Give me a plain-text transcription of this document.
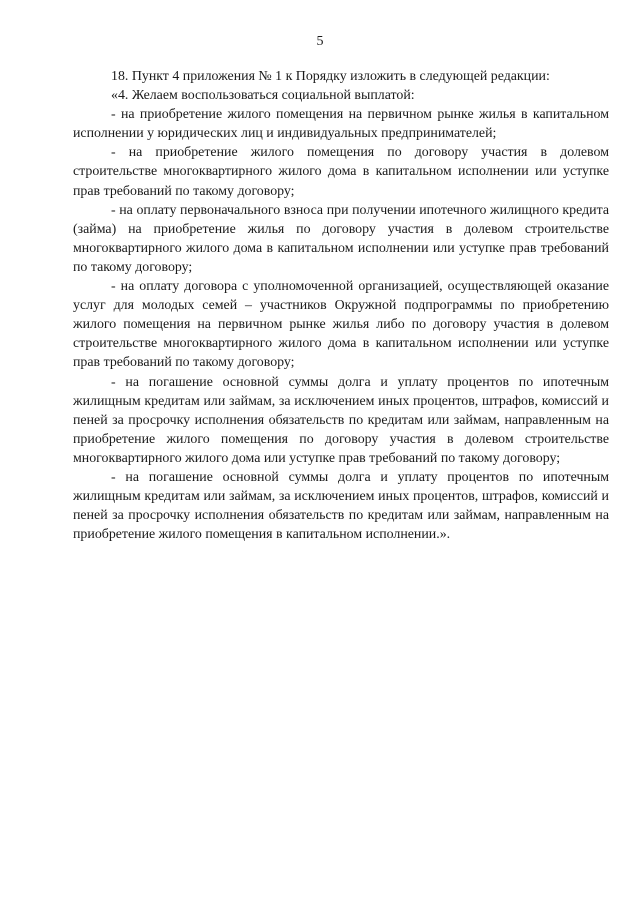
5

18. Пункт 4 приложения № 1 к Порядку изложить в следующей редакции:

«4. Желаем воспользоваться социальной выплатой:

- на приобретение жилого помещения на первичном рынке жилья в капитальном исполнении у юридических лиц и индивидуальных предпринимателей;

- на приобретение жилого помещения по договору участия в долевом строительстве многоквартирного жилого дома в капитальном исполнении или уступке прав требований по такому договору;

- на оплату первоначального взноса при получении ипотечного жилищного кредита (займа) на приобретение жилья по договору участия в долевом строительстве многоквартирного жилого дома в капитальном исполнении или уступке прав требований по такому договору;

- на оплату договора с уполномоченной организацией, осуществляющей оказание услуг для молодых семей – участников Окружной подпрограммы по приобретению жилого помещения на первичном рынке жилья либо по договору участия в долевом строительстве многоквартирного жилого дома в капитальном исполнении или уступке прав требований по такому договору;

- на погашение основной суммы долга и уплату процентов по ипотечным жилищным кредитам или займам, за исключением иных процентов, штрафов, комиссий и пеней за просрочку исполнения обязательств по кредитам или займам, направленным на приобретение жилого помещения по договору участия в долевом строительстве многоквартирного жилого дома или уступке прав требований по такому договору;

- на погашение основной суммы долга и уплату процентов по ипотечным жилищным кредитам или займам, за исключением иных процентов, штрафов, комиссий и пеней за просрочку исполнения обязательств по кредитам или займам, направленным на приобретение жилого помещения в капитальном исполнении.».
